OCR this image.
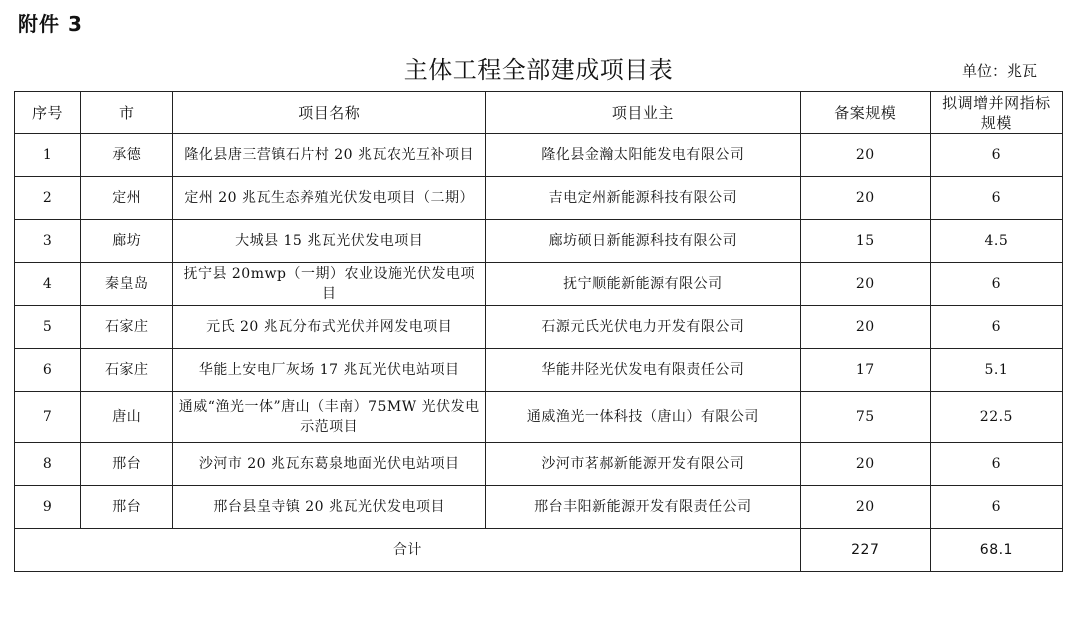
附件 3
主体工程全部建成项目表	单位：兆瓦
序号	市	项目名称	项目业主	备案规模	拟调增并网指标规模
1	承德	隆化县唐三营镇石片村 20 兆瓦农光互补项目	隆化县金瀚太阳能发电有限公司	20	6
2	定州	定州 20 兆瓦生态养殖光伏发电项目（二期）	吉电定州新能源科技有限公司	20	6
3	廊坊	大城县 15 兆瓦光伏发电项目	廊坊硕日新能源科技有限公司	15	4.5
4	秦皇岛	抚宁县 20mwp（一期）农业设施光伏发电项目	抚宁顺能新能源有限公司	20	6
5	石家庄	元氏 20 兆瓦分布式光伏并网发电项目	石源元氏光伏电力开发有限公司	20	6
6	石家庄	华能上安电厂灰场 17 兆瓦光伏电站项目	华能井陉光伏发电有限责任公司	17	5.1
7	唐山	通威“渔光一体”唐山（丰南）75MW 光伏发电示范项目	通威渔光一体科技（唐山）有限公司	75	22.5
8	邢台	沙河市 20 兆瓦东葛泉地面光伏电站项目	沙河市茗郝新能源开发有限公司	20	6
9	邢台	邢台县皇寺镇 20 兆瓦光伏发电项目	邢台丰阳新能源开发有限责任公司	20	6
合计				227	68.1
